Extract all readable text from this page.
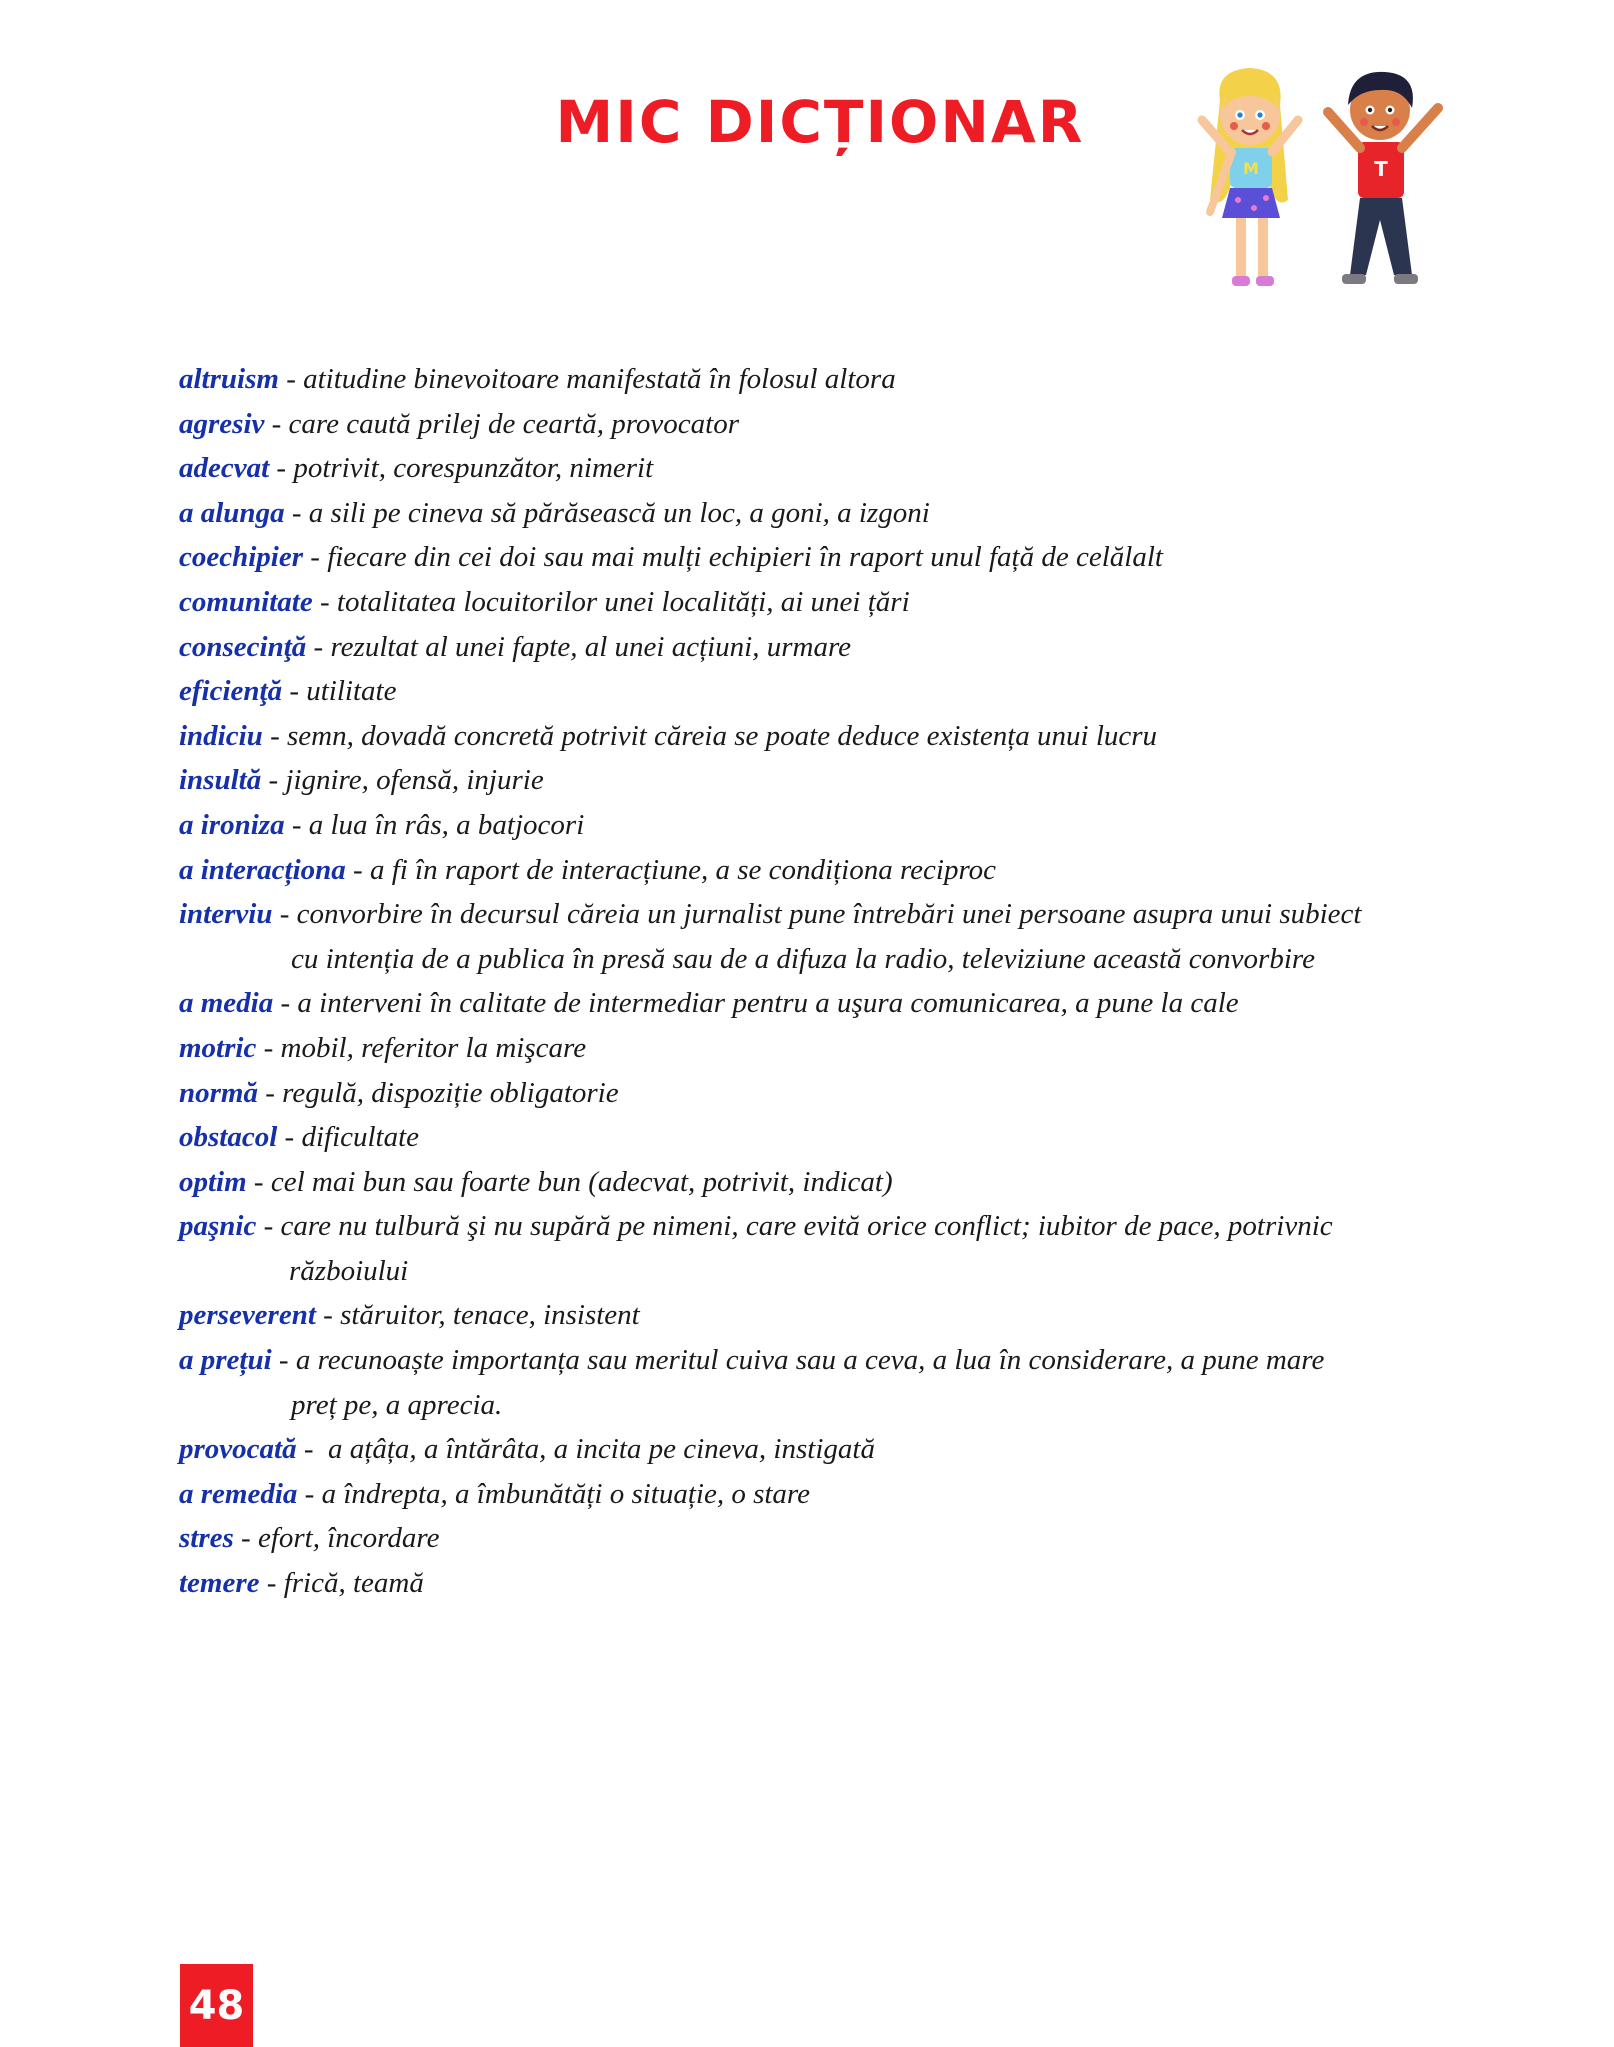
MIC DICȚIONAR
M	T
altruism - atitudine binevoitoare manifestată în folosul altora
agresiv - care caută prilej de ceartă, provocator
adecvat - potrivit, corespunzător, nimerit
a alunga - a sili pe cineva să părăsească un loc, a goni, a izgoni
coechipier - fiecare din cei doi sau mai mulți echipieri în raport unul față de celălalt
comunitate - totalitatea locuitorilor unei localități, ai unei țări
consecinţă - rezultat al unei fapte, al unei acțiuni, urmare
eficienţă - utilitate
indiciu - semn, dovadă concretă potrivit căreia se poate deduce existența unui lucru
insultă - jignire, ofensă, injurie
a ironiza - a lua în râs, a batjocori
a interacționa - a fi în raport de interacțiune, a se condiționa reciproc
interviu - convorbire în decursul căreia un jurnalist pune întrebări unei persoane asupra unui subiect
cu intenția de a publica în presă sau de a difuza la radio, televiziune această convorbire
a media - a interveni în calitate de intermediar pentru a uşura comunicarea, a pune la cale
motric - mobil, referitor la mişcare
normă - regulă, dispoziție obligatorie
obstacol - dificultate
optim - cel mai bun sau foarte bun (adecvat, potrivit, indicat)
paşnic - care nu tulbură şi nu supără pe nimeni, care evită orice conflict; iubitor de pace, potrivnic
războiului
perseverent - stăruitor, tenace, insistent
a prețui - a recunoaște importanța sau meritul cuiva sau a ceva, a lua în considerare, a pune mare
preț pe, a aprecia.
provocată -  a ațâța, a întărâta, a incita pe cineva, instigată
a remedia - a îndrepta, a îmbunătăți o situație, o stare
stres - efort, încordare
temere - frică, teamă
48
